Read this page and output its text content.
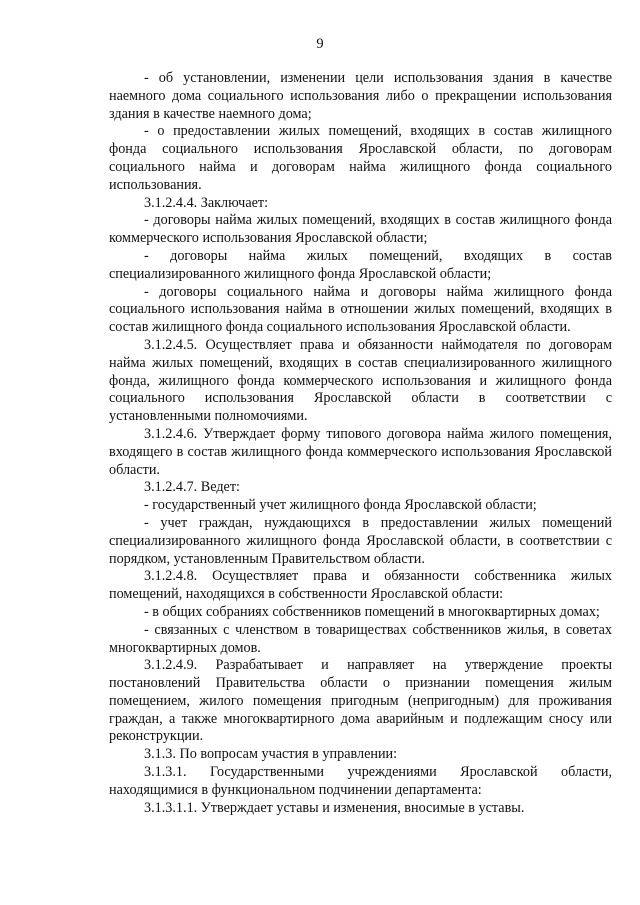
9

- об установлении, изменении цели использования здания в качестве наемного дома социального использования либо о прекращении использования здания в качестве наемного дома;

- о предоставлении жилых помещений, входящих в состав жилищного фонда социального использования Ярославской области, по договорам социального найма и договорам найма жилищного фонда социального использования.

3.1.2.4.4. Заключает:

- договоры найма жилых помещений, входящих в состав жилищного фонда коммерческого использования Ярославской области;

- договоры найма жилых помещений, входящих в состав специализированного жилищного фонда Ярославской области;

- договоры социального найма и договоры найма жилищного фонда социального использования найма в отношении жилых помещений, входящих в состав жилищного фонда социального использования Ярославской области.

3.1.2.4.5. Осуществляет права и обязанности наймодателя по договорам найма жилых помещений, входящих в состав специализированного жилищного фонда, жилищного фонда коммерческого использования и жилищного фонда социального использования Ярославской области в соответствии с установленными полномочиями.

3.1.2.4.6. Утверждает форму типового договора найма жилого помещения, входящего в состав жилищного фонда коммерческого использования Ярославской области.

3.1.2.4.7. Ведет:

- государственный учет жилищного фонда Ярославской области;

- учет граждан, нуждающихся в предоставлении жилых помещений специализированного жилищного фонда Ярославской области, в соответствии с порядком, установленным Правительством области.

3.1.2.4.8. Осуществляет права и обязанности собственника жилых помещений, находящихся в собственности Ярославской области:

- в общих собраниях собственников помещений в многоквартирных домах;

- связанных с членством в товариществах собственников жилья, в советах многоквартирных домов.

3.1.2.4.9. Разрабатывает и направляет на утверждение проекты постановлений Правительства области о признании помещения жилым помещением, жилого помещения пригодным (непригодным) для проживания граждан, а также многоквартирного дома аварийным и подлежащим сносу или реконструкции.

3.1.3. По вопросам участия в управлении:

3.1.3.1. Государственными учреждениями Ярославской области, находящимися в функциональном подчинении департамента:

3.1.3.1.1. Утверждает уставы и изменения, вносимые в уставы.
